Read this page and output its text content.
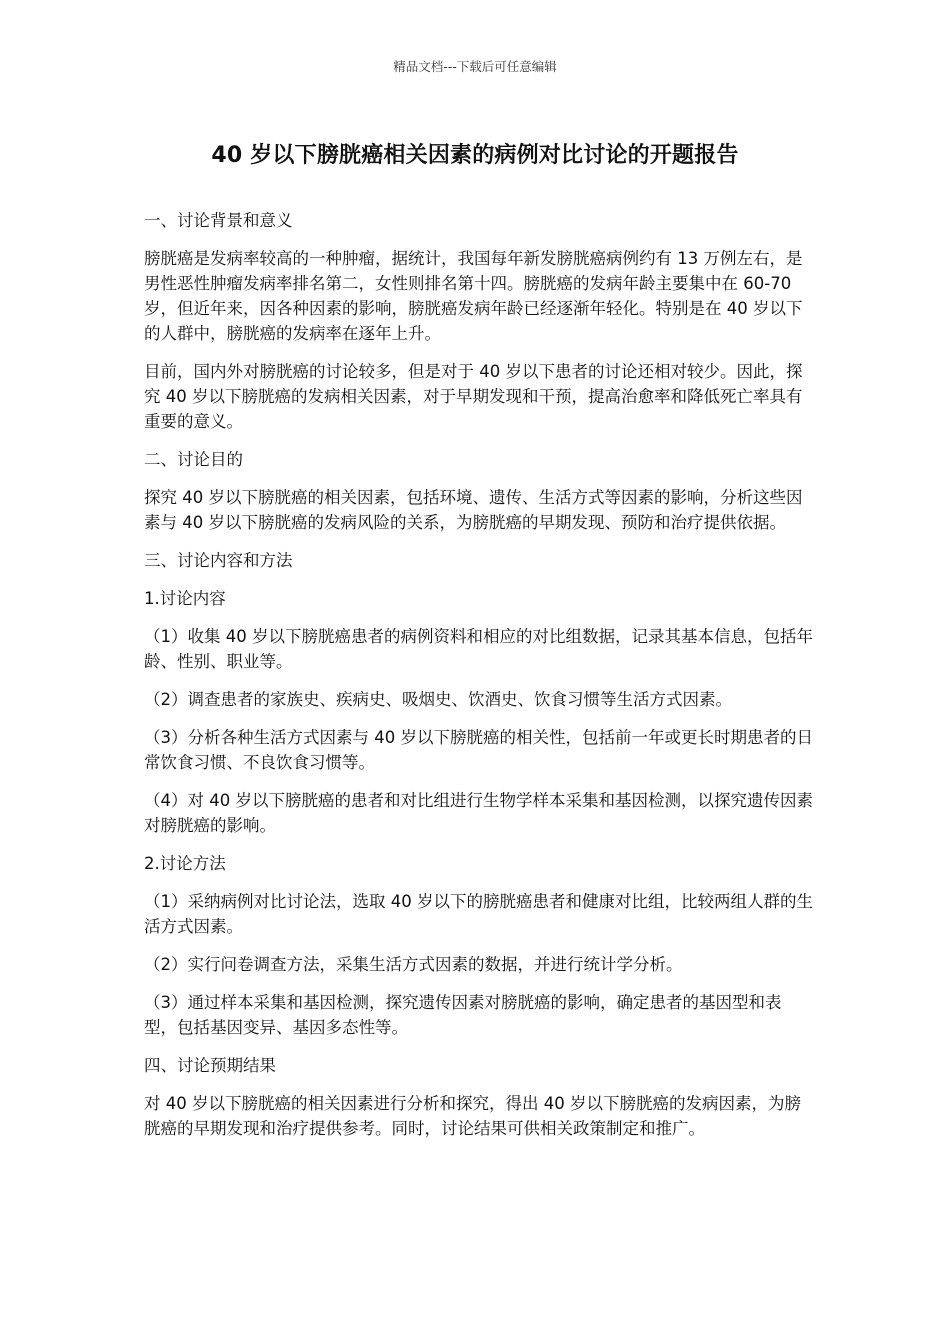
精品文档---下载后可任意编辑
40 岁以下膀胱癌相关因素的病例对比讨论的开题报告

一、讨论背景和意义

膀胱癌是发病率较高的一种肿瘤，据统计，我国每年新发膀胱癌病例约有 13 万例左右，是男性恶性肿瘤发病率排名第二，女性则排名第十四。膀胱癌的发病年龄主要集中在 60-70 岁，但近年来，因各种因素的影响，膀胱癌发病年龄已经逐渐年轻化。特别是在 40 岁以下的人群中，膀胱癌的发病率在逐年上升。

目前，国内外对膀胱癌的讨论较多，但是对于 40 岁以下患者的讨论还相对较少。因此，探究 40 岁以下膀胱癌的发病相关因素，对于早期发现和干预，提高治愈率和降低死亡率具有重要的意义。

二、讨论目的

探究 40 岁以下膀胱癌的相关因素，包括环境、遗传、生活方式等因素的影响，分析这些因素与 40 岁以下膀胱癌的发病风险的关系，为膀胱癌的早期发现、预防和治疗提供依据。

三、讨论内容和方法

1.讨论内容

（1）收集 40 岁以下膀胱癌患者的病例资料和相应的对比组数据，记录其基本信息，包括年龄、性别、职业等。

（2）调查患者的家族史、疾病史、吸烟史、饮酒史、饮食习惯等生活方式因素。

（3）分析各种生活方式因素与 40 岁以下膀胱癌的相关性，包括前一年或更长时期患者的日常饮食习惯、不良饮食习惯等。

（4）对 40 岁以下膀胱癌的患者和对比组进行生物学样本采集和基因检测，以探究遗传因素对膀胱癌的影响。

2.讨论方法

（1）采纳病例对比讨论法，选取 40 岁以下的膀胱癌患者和健康对比组，比较两组人群的生活方式因素。

（2）实行问卷调查方法，采集生活方式因素的数据，并进行统计学分析。

（3）通过样本采集和基因检测，探究遗传因素对膀胱癌的影响，确定患者的基因型和表型，包括基因变异、基因多态性等。

四、讨论预期结果

对 40 岁以下膀胱癌的相关因素进行分析和探究，得出 40 岁以下膀胱癌的发病因素，为膀胱癌的早期发现和治疗提供参考。同时，讨论结果可供相关政策制定和推广。
